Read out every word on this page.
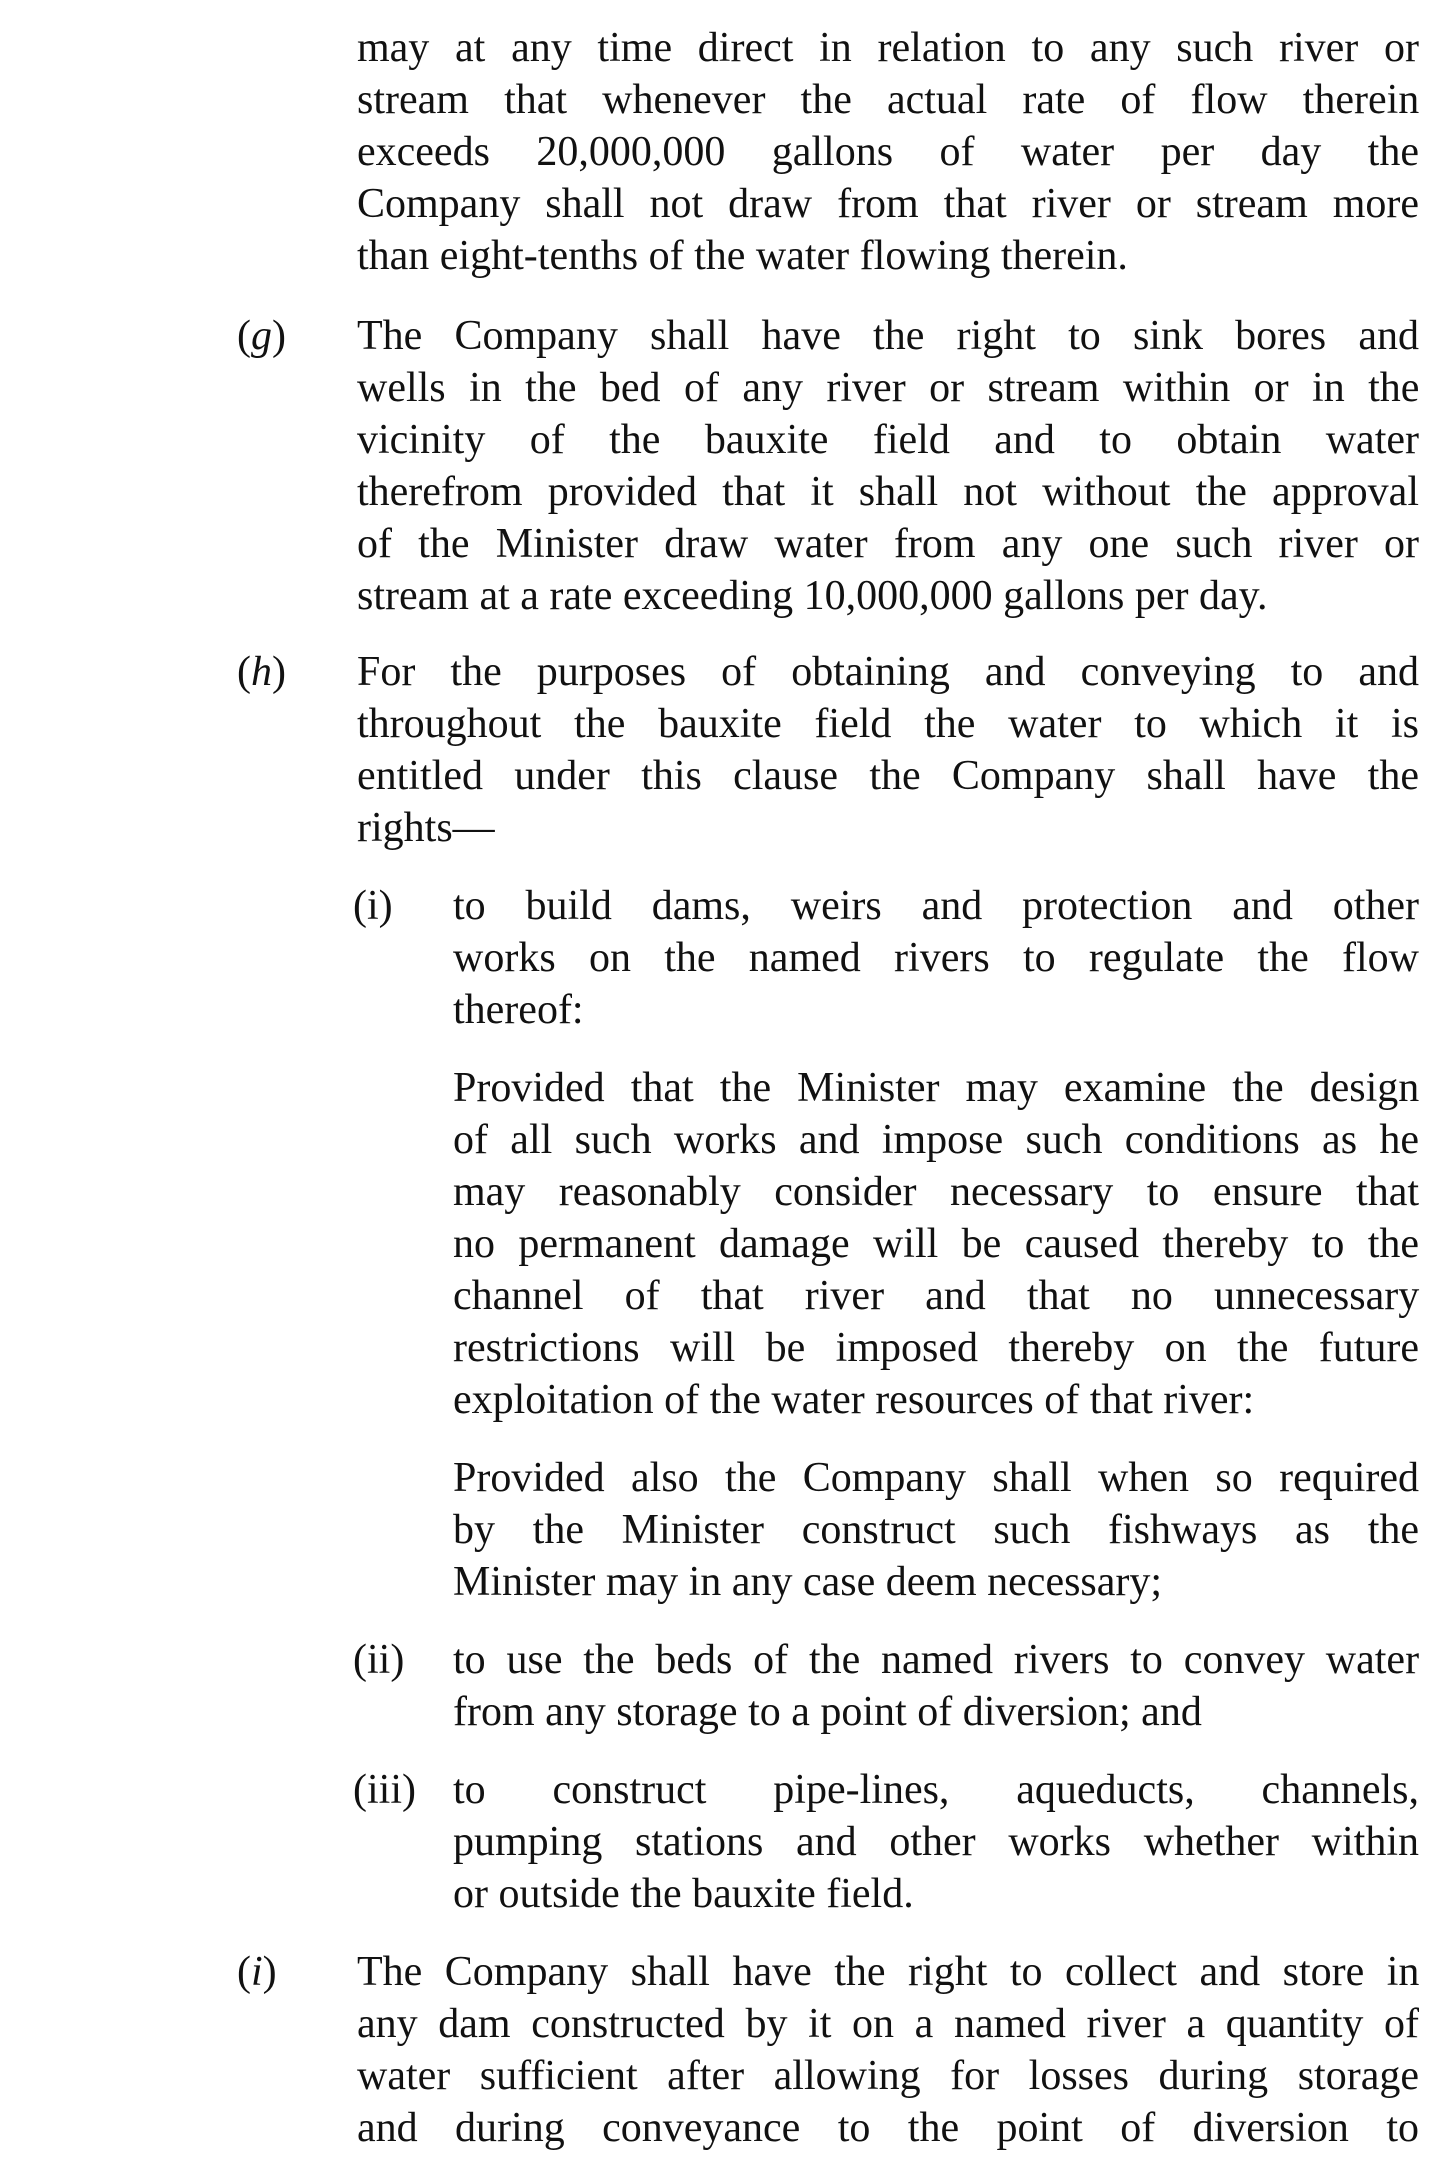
may at any time direct in relation to any such river or
stream that whenever the actual rate of flow therein
exceeds 20,000,000 gallons of water per day the
Company shall not draw from that river or stream more
than eight-tenths of the water flowing therein.
(g) The Company shall have the right to sink bores and
wells in the bed of any river or stream within or in the
vicinity of the bauxite field and to obtain water
therefrom provided that it shall not without the approval
of the Minister draw water from any one such river or
stream at a rate exceeding 10,000,000 gallons per day.
(h) For the purposes of obtaining and conveying to and
throughout the bauxite field the water to which it is
entitled under this clause the Company shall have the
rights—
(i) to build dams, weirs and protection and other
works on the named rivers to regulate the flow
thereof:
Provided that the Minister may examine the design
of all such works and impose such conditions as he
may reasonably consider necessary to ensure that
no permanent damage will be caused thereby to the
channel of that river and that no unnecessary
restrictions will be imposed thereby on the future
exploitation of the water resources of that river:
Provided also the Company shall when so required
by the Minister construct such fishways as the
Minister may in any case deem necessary;
(ii) to use the beds of the named rivers to convey water
from any storage to a point of diversion; and
(iii) to construct pipe-lines, aqueducts, channels,
pumping stations and other works whether within
or outside the bauxite field.
(i) The Company shall have the right to collect and store in
any dam constructed by it on a named river a quantity of
water sufficient after allowing for losses during storage
and during conveyance to the point of diversion to
